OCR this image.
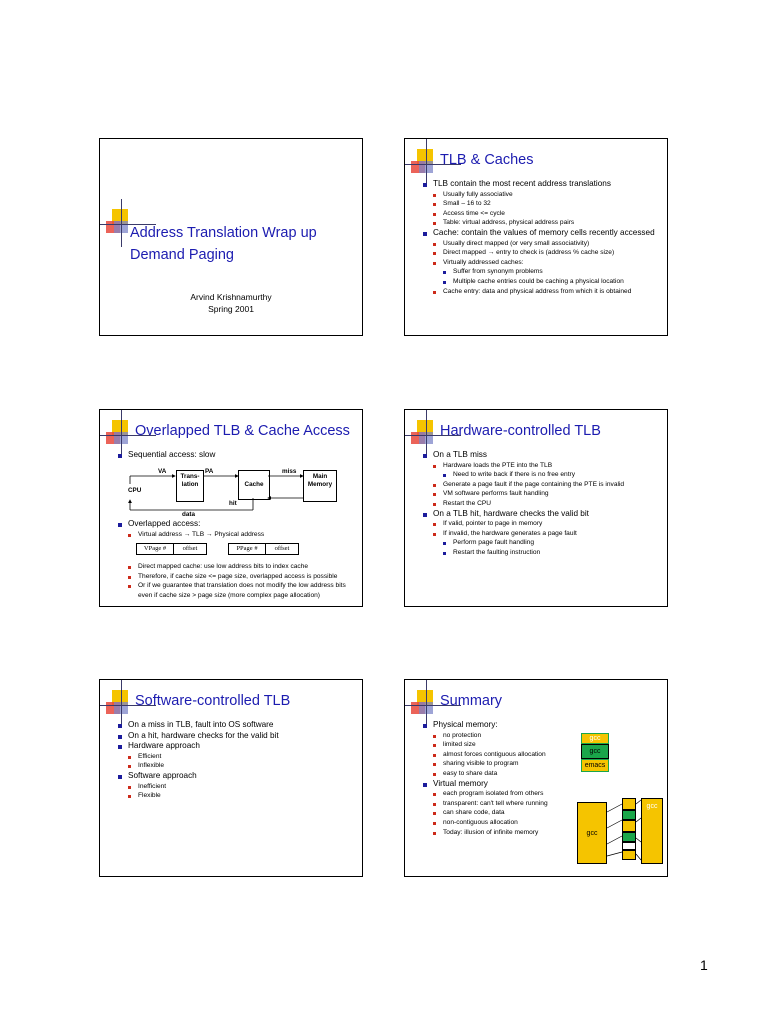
Address Translation Wrap up
Demand Paging
Arvind Krishnamurthy
Spring 2001
TLB & Caches
TLB contain the most recent address translations
Usually fully associative
Small – 16 to 32
Access time <= cycle
Table: virtual address, physical address pairs
Cache: contain the values of memory cells recently accessed
Usually direct mapped (or very small associativity)
Direct mapped → entry to check is (address % cache size)
Virtually addressed caches:
Suffer from synonym problems
Multiple cache entries could be caching a physical location
Cache entry: data and physical address from which it is obtained
Overlapped TLB & Cache Access
Sequential access: slow
CPU
Trans-
lation	Cache
Main
Memory
VA	PA	miss
hit
data
Overlapped access:
Virtual address → TLB → Physical address
VPage #	offset	PPage #	offset
Direct mapped cache: use low address bits to index cache
Therefore, if cache size <= page size, overlapped access is possible
Or if we guarantee that translation does not modify the low address bits even if cache size > page size (more complex page allocation)
Hardware-controlled TLB
On a TLB miss
Hardware loads the PTE into the TLB
Need to write back if there is no free entry
Generate a page fault if the page containing the PTE is invalid
VM software performs fault handling
Restart the CPU
On a TLB hit, hardware checks the valid bit
If valid, pointer to page in memory
If invalid, the hardware generates a page fault
Perform page fault handling
Restart the faulting instruction
Software-controlled TLB
On a miss in TLB, fault into OS software
On a hit, hardware checks for the valid bit
Hardware approach
Efficient
Inflexible
Software approach
Inefficient
Flexible
Summary
Physical memory:
no protection
limited size
almost forces contiguous allocation
sharing visible to program
easy to share data
Virtual memory
each program isolated from others
transparent: can't tell where running
can share code, data
non-contiguous allocation
Today: illusion of infinite memory
gcc
gcc
emacs
gcc
gcc
1
